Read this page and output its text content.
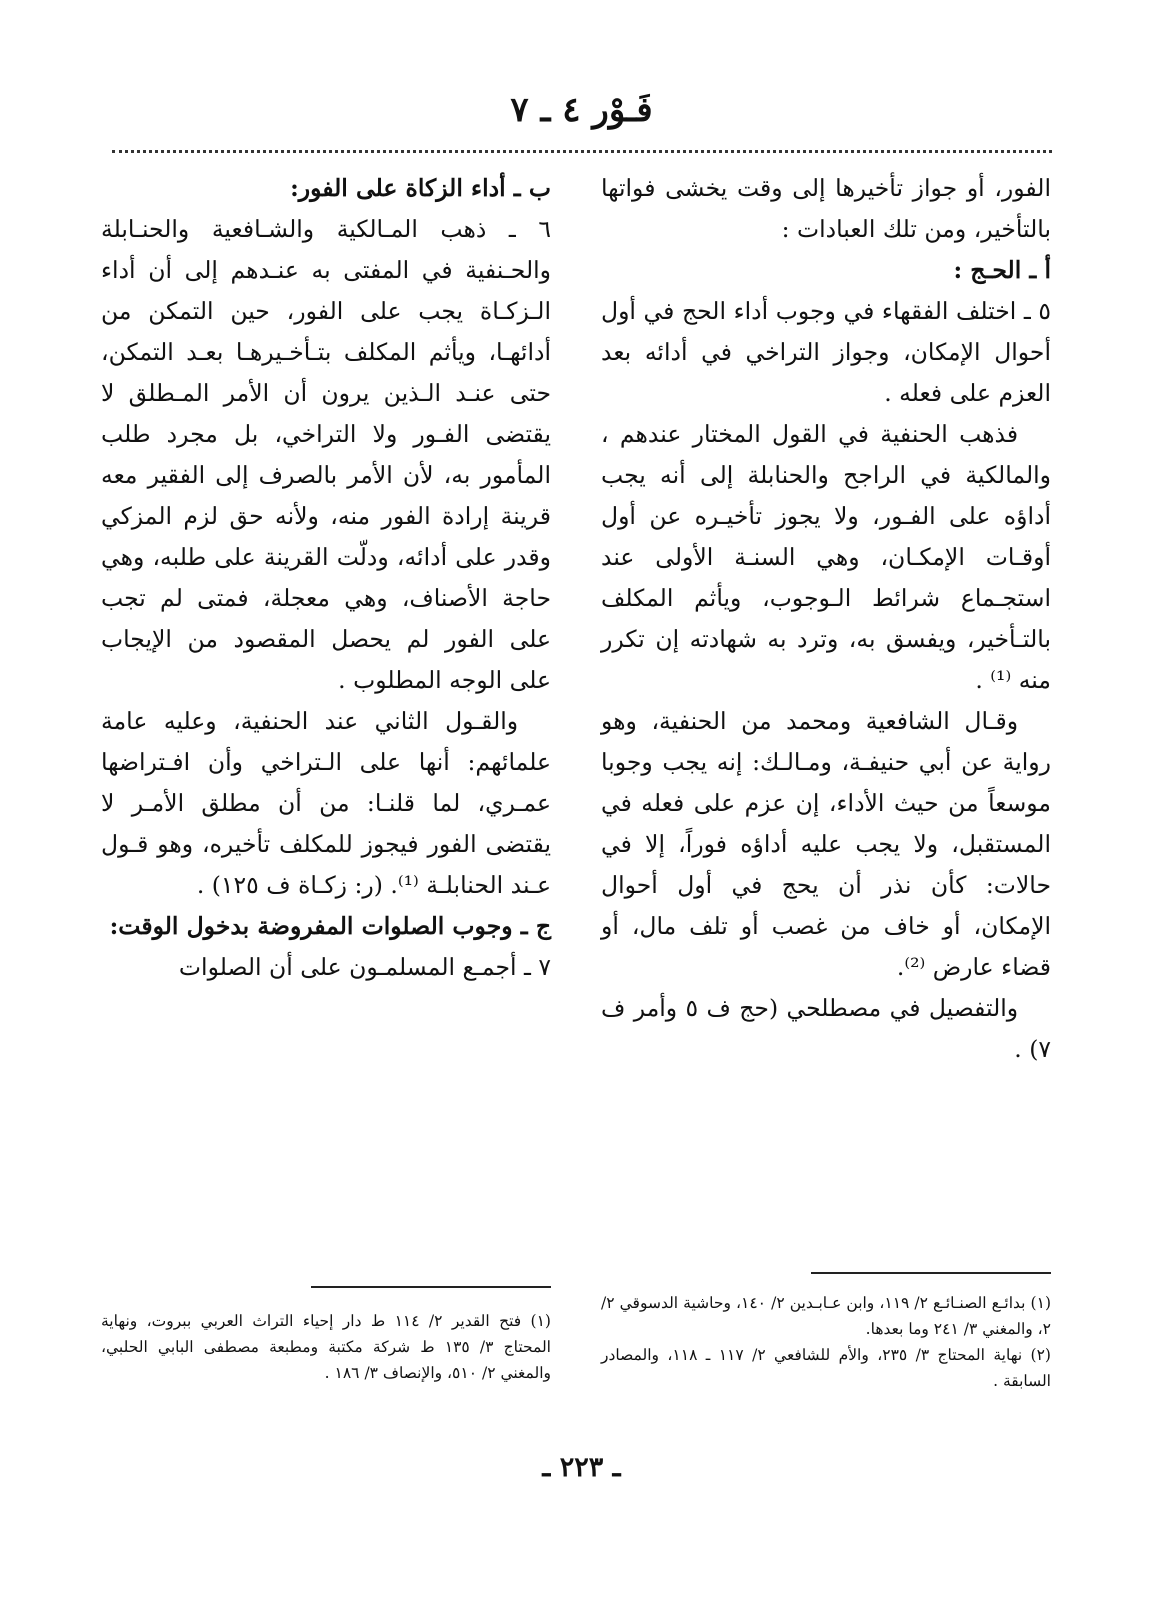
فَـوْر ٤ ـ ٧

الفور، أو جواز تأخيرها إلى وقت يخشى فواتها بالتأخير، ومن تلك العبادات :

أ ـ الحـج :

٥ ـ اختلف الفقهاء في وجوب أداء الحج في أول أحوال الإمكان، وجواز التراخي في أدائه بعد العزم على فعله .

فذهب الحنفية في القول المختار عندهم ، والمالكية في الراجح والحنابلة إلى أنه يجب أداؤه على الفـور، ولا يجوز تأخيـره عن أول أوقـات الإمكـان، وهي السنـة الأولى عند استجـماع شرائط الـوجوب، ويأثم المكلف بالتـأخير، ويفسق به، وترد به شهادته إن تكرر منه ⁽¹⁾ .

وقـال الشافعية ومحمد من الحنفية، وهو رواية عن أبي حنيفـة، ومـالـك: إنه يجب وجوبا موسعاً من حيث الأداء، إن عزم على فعله في المستقبل، ولا يجب عليه أداؤه فوراً، إلا في حالات: كأن نذر أن يحج في أول أحوال الإمكان، أو خاف من غصب أو تلف مال، أو قضاء عارض ⁽²⁾.

والتفصيل في مصطلحي (حج ف ٥ وأمر ف ٧) .

ب ـ أداء الزكاة على الفور:

٦ ـ ذهب المـالكية والشـافعية والحنـابلة والحـنفية في المفتى به عنـدهم إلى أن أداء الـزكـاة يجب على الفور، حين التمكن من أدائهـا، ويأثم المكلف بتـأخـيرهـا بعـد التمكن، حتى عنـد الـذين يرون أن الأمر المـطلق لا يقتضى الفـور ولا التراخي، بل مجرد طلب المأمور به، لأن الأمر بالصرف إلى الفقير معه قرينة إرادة الفور منه، ولأنه حق لزم المزكي وقدر على أدائه، ودلّت القرينة على طلبه، وهي حاجة الأصناف، وهي معجلة، فمتى لم تجب على الفور لم يحصل المقصود من الإيجاب على الوجه المطلوب .

والقـول الثاني عند الحنفية، وعليه عامة علمائهم: أنها على الـتراخي وأن افـتراضها عمـري، لما قلنـا: من أن مطلق الأمـر لا يقتضى الفور فيجوز للمكلف تأخيره، وهو قـول عـند الحنابلـة ⁽¹⁾. (ر: زكـاة ف ١٢٥) .

ج ـ وجوب الصلوات المفروضة بدخول الوقت:

٧ ـ أجمـع المسلمـون على أن الصلوات

(١) بدائـع الصنـائـع ٢/ ١١٩، وابن عـابـدين ٢/ ١٤٠، وحاشية الدسوقي ٢/ ٢، والمغني ٣/ ٢٤١ وما بعدها.

(٢) نهاية المحتاج ٣/ ٢٣٥، والأم للشافعي ٢/ ١١٧ ـ ١١٨، والمصادر السابقة .

(١) فتح القدير ٢/ ١١٤ ط دار إحياء التراث العربي ببروت، ونهاية المحتاج ٣/ ١٣٥ ط شركة مكتبة ومطبعة مصطفى البابي الحلبي، والمغني ٢/ ٥١٠، والإنصاف ٣/ ١٨٦ .

ـ ٢٢٣ ـ
